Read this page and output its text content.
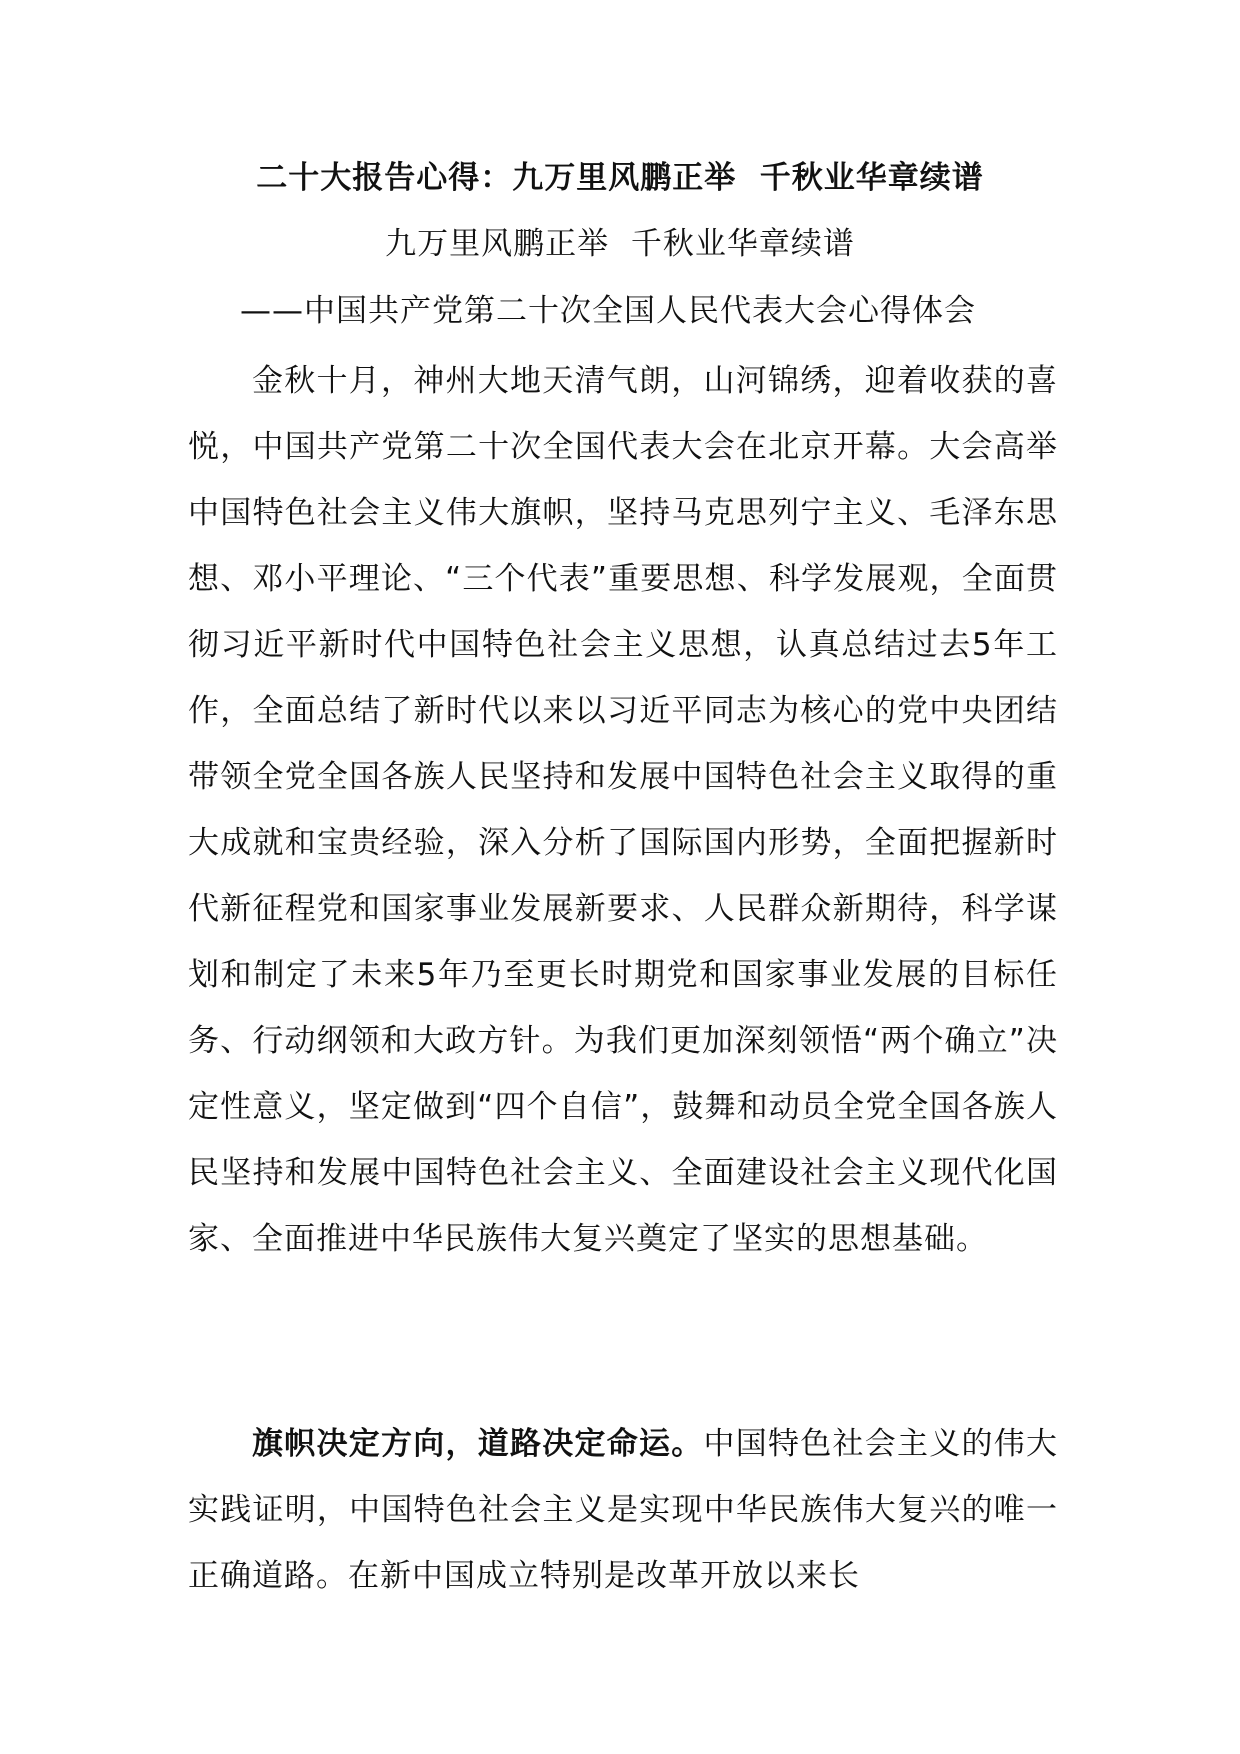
二十大报告心得：九万里风鹏正举  千秋业华章续谱
九万里风鹏正举  千秋业华章续谱
——中国共产党第二十次全国人民代表大会心得体会

金秋十月，神州大地天清气朗，山河锦绣，迎着收获的喜悦，中国共产党第二十次全国代表大会在北京开幕。大会高举中国特色社会主义伟大旗帜，坚持马克思列宁主义、毛泽东思想、邓小平理论、“三个代表”重要思想、科学发展观，全面贯彻习近平新时代中国特色社会主义思想，认真总结过去5年工作，全面总结了新时代以来以习近平同志为核心的党中央团结带领全党全国各族人民坚持和发展中国特色社会主义取得的重大成就和宝贵经验，深入分析了国际国内形势，全面把握新时代新征程党和国家事业发展新要求、人民群众新期待，科学谋划和制定了未来5年乃至更长时期党和国家事业发展的目标任务、行动纲领和大政方针。为我们更加深刻领悟“两个确立”决定性意义，坚定做到“四个自信”，鼓舞和动员全党全国各族人民坚持和发展中国特色社会主义、全面建设社会主义现代化国家、全面推进中华民族伟大复兴奠定了坚实的思想基础。

旗帜决定方向，道路决定命运。中国特色社会主义的伟大实践证明，中国特色社会主义是实现中华民族伟大复兴的唯一正确道路。在新中国成立特别是改革开放以来长
